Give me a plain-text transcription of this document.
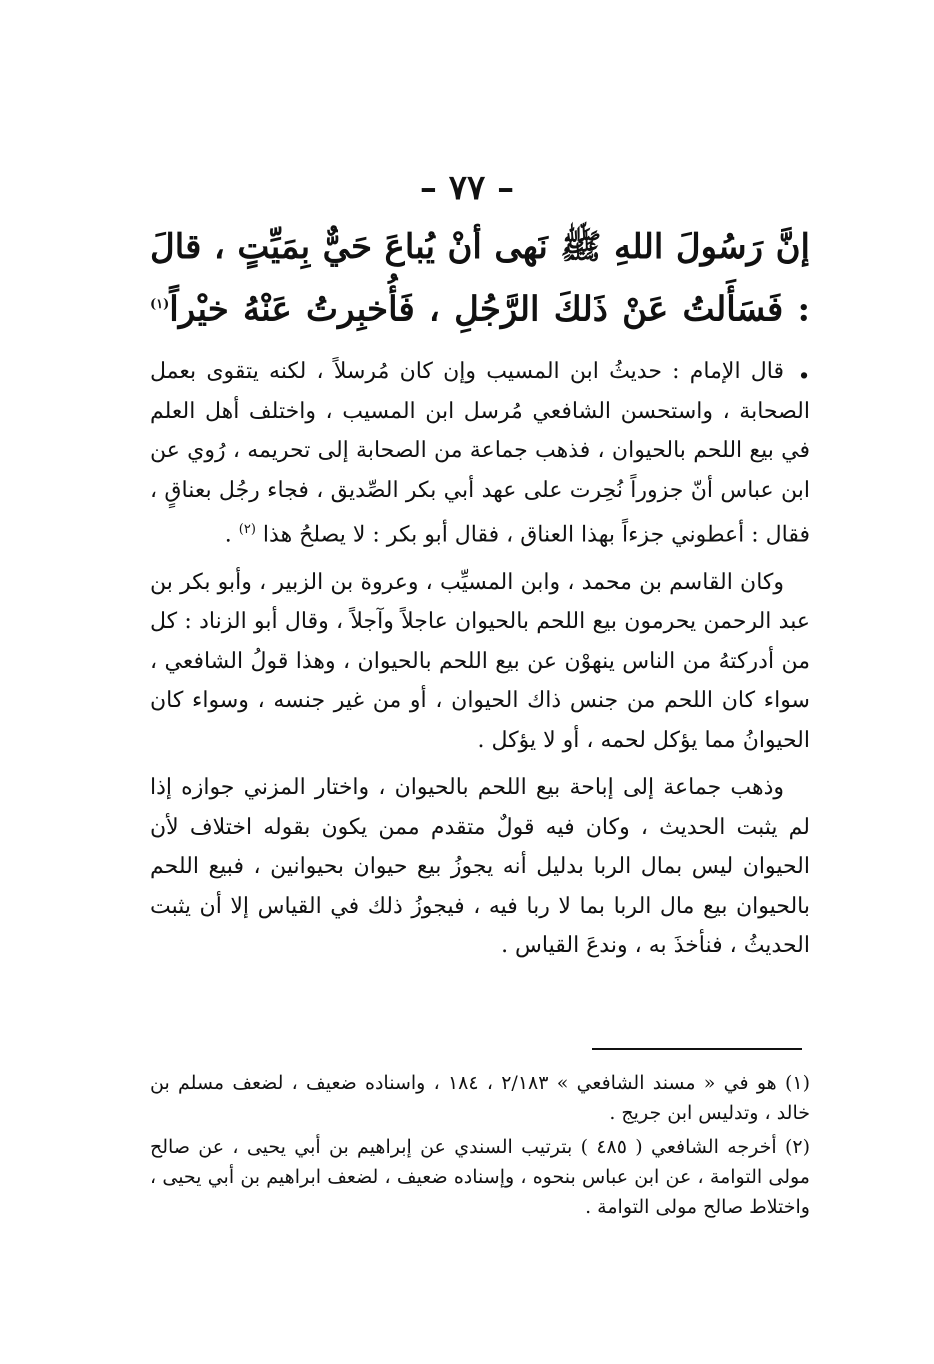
– ٧٧ –
إنَّ رَسُولَ اللهِ ﷺ نَهى أنْ يُباعَ حَيٌّ بِمَيِّتٍ ، قالَ : فَسَأَلتُ عَنْ ذَلكَ الرَّجُلِ ، فَأُخبِرتُ عَنْهُ خيْراً$^{(١)}$ .

قال الإمام : حديثُ ابن المسيب وإن كان مُرسلاً ، لكنه يتقوى بعمل الصحابة ، واستحسن الشافعي مُرسل ابن المسيب ، واختلف أهل العلم في بيع اللحم بالحيوان ، فذهب جماعة من الصحابة إلى تحريمه ، رُوي عن ابن عباس أنّ جزوراً نُحِرت على عهد أبي بكر الصِّديق ، فجاء رجُل بعناقٍ ، فقال : أعطوني جزءاً بهذا العناق ، فقال أبو بكر : لا يصلحُ هذا $^{(٢)}$ .

وكان القاسم بن محمد ، وابن المسيِّب ، وعروة بن الزبير ، وأبو بكر بن عبد الرحمن يحرمون بيع اللحم بالحيوان عاجلاً وآجلاً ، وقال أبو الزناد : كل من أدركتهُ من الناس ينهوْن عن بيع اللحم بالحيوان ، وهذا قولُ الشافعي ، سواء كان اللحم من جنس ذاك الحيوان ، أو من غير جنسه ، وسواء كان الحيوانُ مما يؤكل لحمه ، أو لا يؤكل .

وذهب جماعة إلى إباحة بيع اللحم بالحيوان ، واختار المزني جوازه إذا لم يثبت الحديث ، وكان فيه قولٌ متقدم ممن يكون بقوله اختلاف لأن الحيوان ليس بمال الربا بدليل أنه يجوزُ بيع حيوان بحيوانين ، فبيع اللحم بالحيوان بيع مال الربا بما لا ربا فيه ، فيجوزُ ذلك في القياس إلا أن يثبت الحديثُ ، فنأخذَ به ، وندعَ القياس .

(١) هو في « مسند الشافعي » ٢/١٨٣ ، ١٨٤ ، واسناده ضعيف ، لضعف مسلم بن خالد ، وتدليس ابن جريج .

(٢) أخرجه الشافعي ( ٤٨٥ ) بترتيب السندي عن إبراهيم بن أبي يحيى ، عن صالح مولى التوامة ، عن ابن عباس بنحوه ، وإسناده ضعيف ، لضعف ابراهيم بن أبي يحيى ، واختلاط صالح مولى التوامة .
